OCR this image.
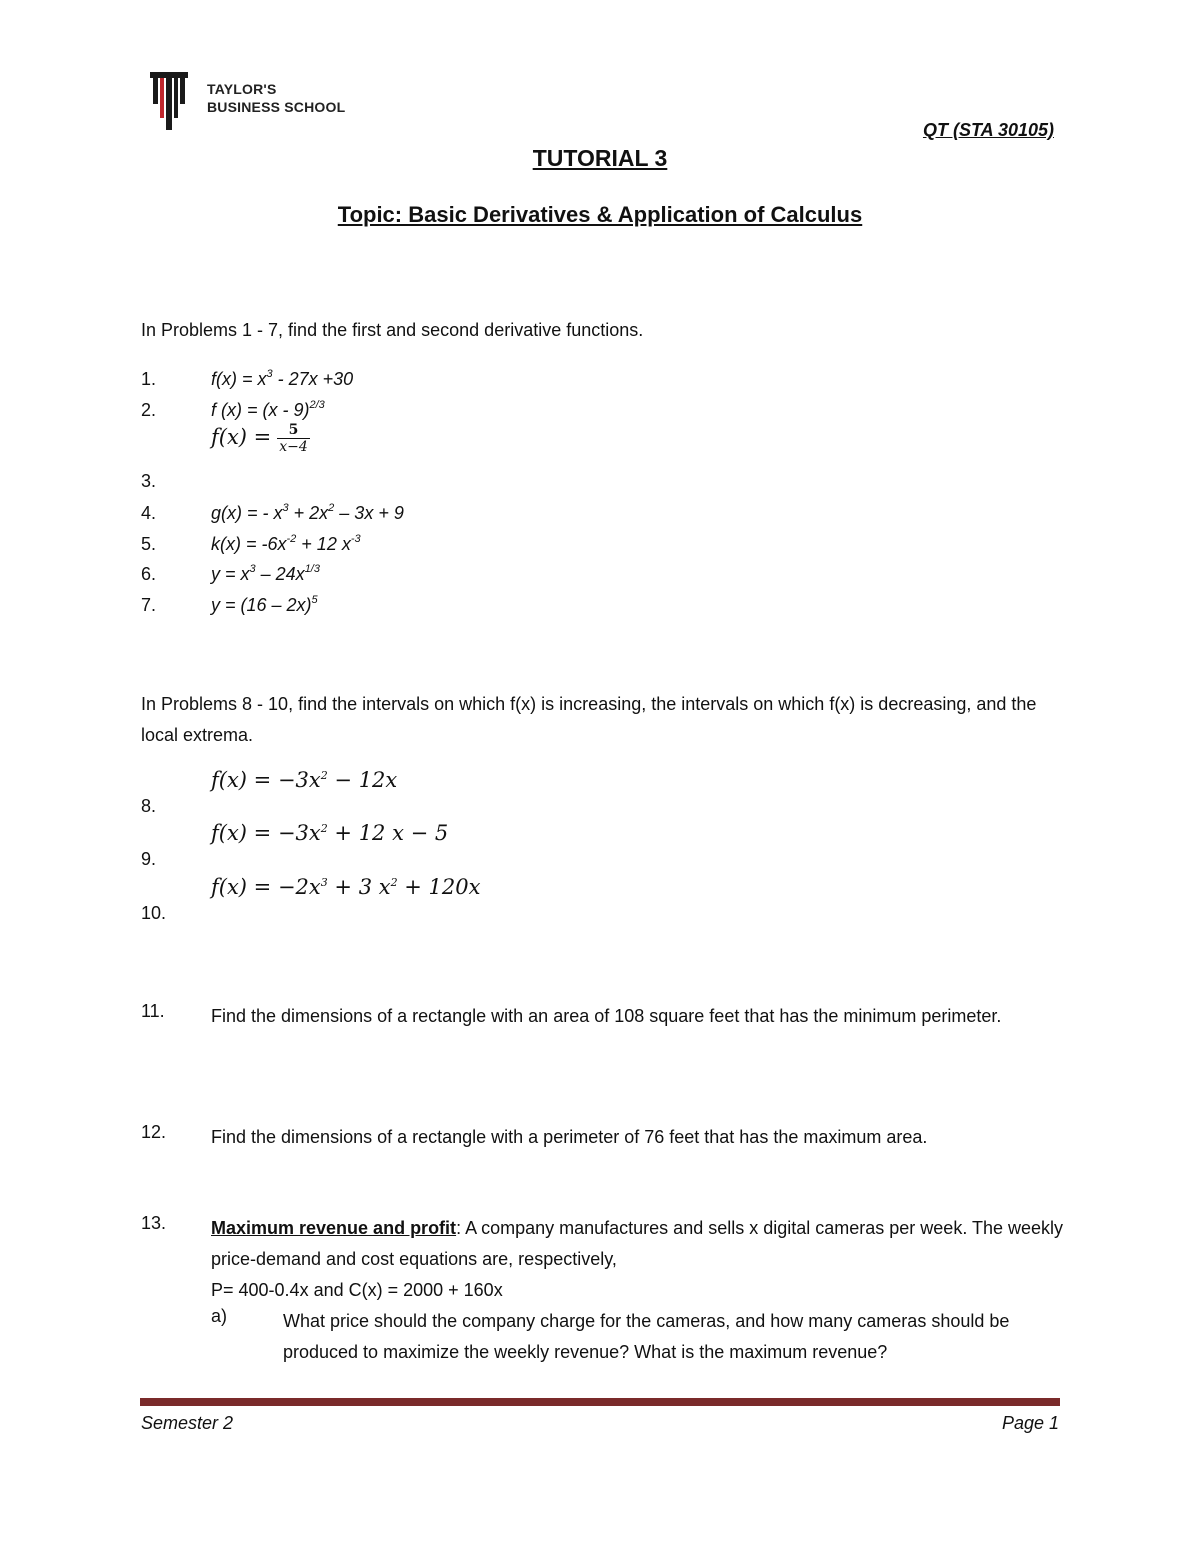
TAYLOR'S
BUSINESS SCHOOL
QT (STA 30105)
TUTORIAL 3
Topic: Basic Derivatives & Application of Calculus
In Problems 1 - 7, find the first and second derivative functions.
1.	$f(x) = x^3 - 27x +30$
2.	f (x) = (x - 9)$^{2/3}$
$f(x) = \frac{5}{x-4}$
3.
4.	g(x) = - $x^3 + 2x^2 - 3x + 9$
5.	$k(x) = -6x^{-2} + 12$ $x^{-3}$
6.	$y = x^3 - 24x^{1/3}$
7.	y = (16 – 2x)$^5$
In Problems 8 - 10, find the intervals on which f(x) is increasing, the intervals on which f(x) is decreasing, and the local extrema.
$f(x) = -3x^2 - 12x$
8.
$f(x) = -3x^2 + 12$ x − 5
9.
$f(x) = -2x^3 + 3$ $x^2 + 120x$
10.
11.	Find the dimensions of a rectangle with an area of 108 square feet that has the minimum perimeter.
12. Find the dimensions of a rectangle with a perimeter of 76 feet that has the maximum area.
13. Maximum revenue and profit: A company manufactures and sells x digital cameras per week. The weekly price-demand and cost equations are, respectively,
P= 400-0.4x and C(x) = 2000 + 160x
a)	What price should the company charge for the cameras, and how many cameras should be produced to maximize the weekly revenue? What is the maximum revenue?
Semester 2	Page 1
